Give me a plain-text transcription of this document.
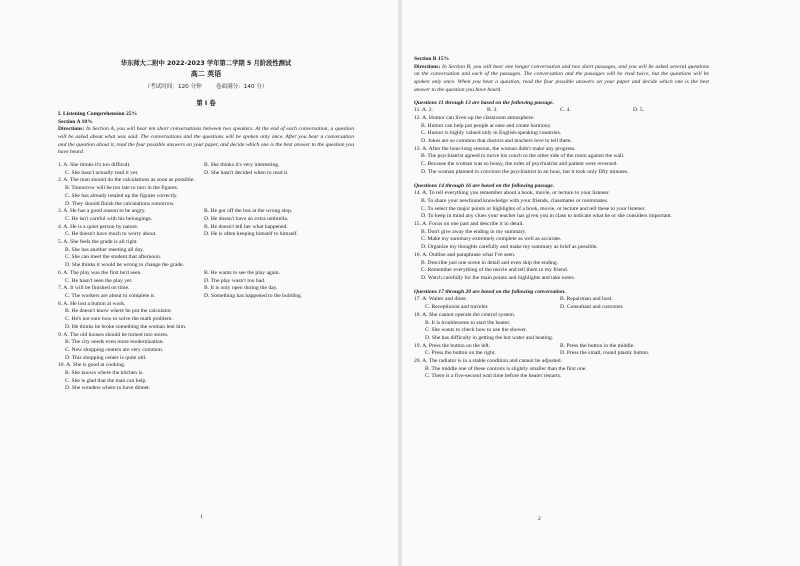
华东师大二附中 2022-2023 学年第二学期 5 月阶段性测试
高二 英语
（考试时间：120 分钟	卷面满分：140 分）
第 I 卷
I. Listening Comprehension 25%
Section A 10%
Directions: In Section A, you will hear ten short conversations between two speakers. At the end of each conversation, a question will be asked about what was said. The conversations and the questions will be spoken only once. After you hear a conversation and the question about it, read the four possible answers on your paper, and decide which one is the best answer to the question you have heard.
1. A. She thinks it's too difficult.	B. She thinks it's very interesting.
C. She hasn't actually read it yet.	D. She hasn't decided when to read it.
2. A. The man should do the calculations as soon as possible.
B. Tomorrow will be too late to turn in the figures.
C. She has already totaled up the figures correctly.
D. They should finish the calculations tomorrow.
3. A. He has a good reason to be angry.	B. He got off the bus at the wrong stop.
C. He isn't careful with his belongings.	D. He doesn't have an extra umbrella.
4. A. He is a quiet person by nature.	B. He doesn't tell her what happened.
C. He doesn't have much to worry about.	D. He is often keeping himself to himself.
5. A. She feels the grade is all right.
B. She has another meeting all day.
C. She can meet the student that afternoon.
D. She thinks it would be wrong to change the grade.
6. A. The play was the first he'd seen.	B. He wants to see the play again.
C. He hasn't seen the play yet.	D. The play wasn't too bad.
7. A. It will be finished on time.	B. It is only open during the day.
C. The workers are about to complete it.	D. Something has happened to the building.
8. A. He lost a button at work.
B. He doesn't know where he put the calculator.
C. He's not sure how to solve the math problem.
D. He thinks he broke something the woman lent him.
9. A. The old houses should be turned into stores.
B. The city needs even more modernization.
C. New shopping centers are very common.
D. This shopping center is quite old.
10. A. She is good at cooking.
B. She knows where the kitchen is.
C. She is glad that the man can help.
D. She wonders where to have dinner.
1
Section B 15%
Directions: In Section B, you will hear one longer conversation and two short passages, and you will be asked several questions on the conversation and each of the passages. The conversation and the passages will be read twice, but the questions will be spoken only once. When you hear a question, read the four possible answers on your paper and decide which one is the best answer to the question you have heard.
Questions 11 through 13 are based on the following passage.
11. A. 2.	B. 3.	C. 4.	D. 5.
12. A. Humor can liven up the classroom atmosphere.
B. Humor can help put people at ease and create harmony.
C. Humor is highly valued only in English-speaking countries.
D. Jokes are so common that doctors and teachers love to tell them.
13. A. After the hour-long session, the woman didn't make any progress.
B. The psychiatrist agreed to move his couch to the other side of the room against the wall.
C. Because the woman was so bossy, the roles of psychiatrist and patient were reversed.
D. The woman planned to convince the psychiatrist in an hour, but it took only fifty minutes.
Questions 14 through 16 are based on the following passage.
14. A. To tell everything you remember about a book, movie, or lecture to your listener.
B. To share your newfound knowledge with your friends, classmates or roommates.
C. To select the major points or highlights of a book, movie, or lecture and tell these to your listener.
D. To keep in mind any clues your teacher has given you in class to indicate what he or she considers important.
15. A. Focus on one part and describe it in detail.
B. Don't give away the ending in my summary.
C. Make my summary extremely complete as well as accurate.
D. Organize my thoughts carefully and make my summary as brief as possible.
16. A. Outline and paraphrase what I've seen.
B. Describe just one scene in detail and even skip the ending.
C. Remember everything of the movie and tell them to my friend.
D. Watch carefully for the main points and highlights and take notes.
Questions 17 through 20 are based on the following conversation.
17. A. Waiter and diner.	B. Repairman and host.
C. Receptionist and traveler.	D. Consultant and customer.
18. A. She cannot operate the control system.
B. It is troublesome to start the heater.
C. She wants to check how to use the shower.
D. She has difficulty in getting the hot water and heating.
19. A. Press the button on the left.	B. Press the button in the middle.
C. Press the button on the right.	D. Press the small, round plastic button.
20. A. The radiator is in a stable condition and cannot be adjusted.
B. The middle one of these controls is slightly smaller than the first one.
C. There is a five-second wait time before the heater restarts.
2
